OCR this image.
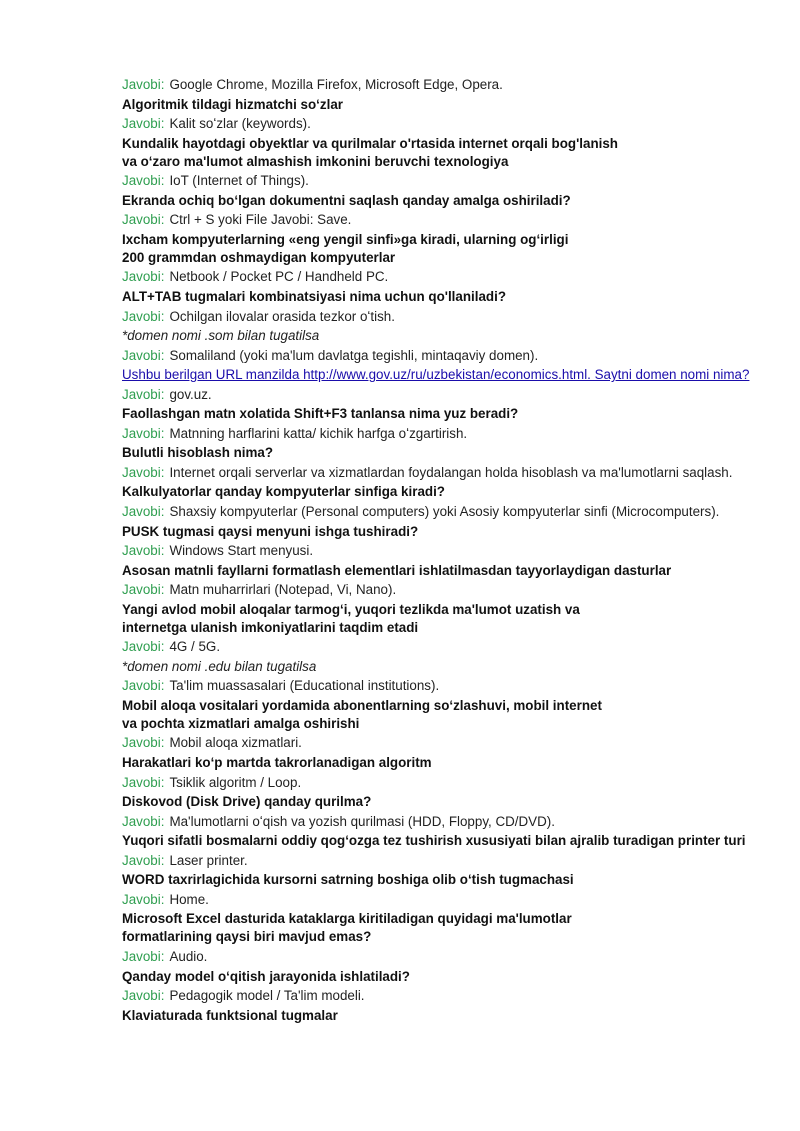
Javobi: Google Chrome, Mozilla Firefox, Microsoft Edge, Opera.
Algoritmik tildagi hizmatchi soʻzlar
Javobi: Kalit soʻzlar (keywords).
Kundalik hayotdagi obyektlar va qurilmalar o'rtasida internet orqali bog'lanish
va oʻzaro ma'lumot almashish imkonini beruvchi texnologiya
Javobi: IoT (Internet of Things).
Ekranda ochiq boʻlgan dokumentni saqlash qanday amalga oshiriladi?
Javobi: Ctrl + S yoki File Javobi: Save.
Ixcham kompyuterlarning «eng yengil sinfi»ga kiradi, ularning ogʻirligi
200 grammdan oshmaydigan kompyuterlar
Javobi: Netbook / Pocket PC / Handheld PC.
ALT+TAB tugmalari kombinatsiyasi nima uchun qo'llaniladi?
Javobi: Ochilgan ilovalar orasida tezkor oʻtish.
*domen nomi .som bilan tugatilsa
Javobi: Somaliland (yoki ma'lum davlatga tegishli, mintaqaviy domen).
Ushbu berilgan URL manzilda http://www.gov.uz/ru/uzbekistan/economics.html. Saytni domen nomi nima?
Javobi: gov.uz.
Faollashgan matn xolatida Shift+F3 tanlansa nima yuz beradi?
Javobi: Matnning harflarini katta/ kichik harfga oʻzgartirish.
Bulutli hisoblash nima?
Javobi: Internet orqali serverlar va xizmatlardan foydalangan holda hisoblash va ma'lumotlarni saqlash.
Kalkulyatorlar qanday kompyuterlar sinfiga kiradi?
Javobi: Shaxsiy kompyuterlar (Personal computers) yoki Asosiy kompyuterlar sinfi (Microcomputers).
PUSK tugmasi qaysi menyuni ishga tushiradi?
Javobi: Windows Start menyusi.
Asosan matnli fayllarni formatlash elementlari ishlatilmasdan tayyorlaydigan dasturlar
Javobi: Matn muharrirlari (Notepad, Vi, Nano).
Yangi avlod mobil aloqalar tarmogʻi, yuqori tezlikda ma'lumot uzatish va
internetga ulanish imkoniyatlarini taqdim etadi
Javobi: 4G / 5G.
*domen nomi .edu bilan tugatilsa
Javobi: Ta'lim muassasalari (Educational institutions).
Mobil aloqa vositalari yordamida abonentlarning soʻzlashuvi, mobil internet
va pochta xizmatlari amalga oshirishi
Javobi: Mobil aloqa xizmatlari.
Harakatlari koʻp martda takrorlanadigan algoritm
Javobi: Tsiklik algoritm / Loop.
Diskovod (Disk Drive) qanday qurilma?
Javobi: Ma'lumotlarni oʻqish va yozish qurilmasi (HDD, Floppy, CD/DVD).
Yuqori sifatli bosmalarni oddiy qogʻozga tez tushirish xususiyati bilan ajralib turadigan printer turi
Javobi: Laser printer.
WORD taxrirlagichida kursorni satrning boshiga olib oʻtish tugmachasi
Javobi: Home.
Microsoft Excel dasturida kataklarga kiritiladigan quyidagi ma'lumotlar
formatlarining qaysi biri mavjud emas?
Javobi: Audio.
Qanday model oʻqitish jarayonida ishlatiladi?
Javobi: Pedagogik model / Ta'lim modeli.
Klaviaturada funktsional tugmalar
